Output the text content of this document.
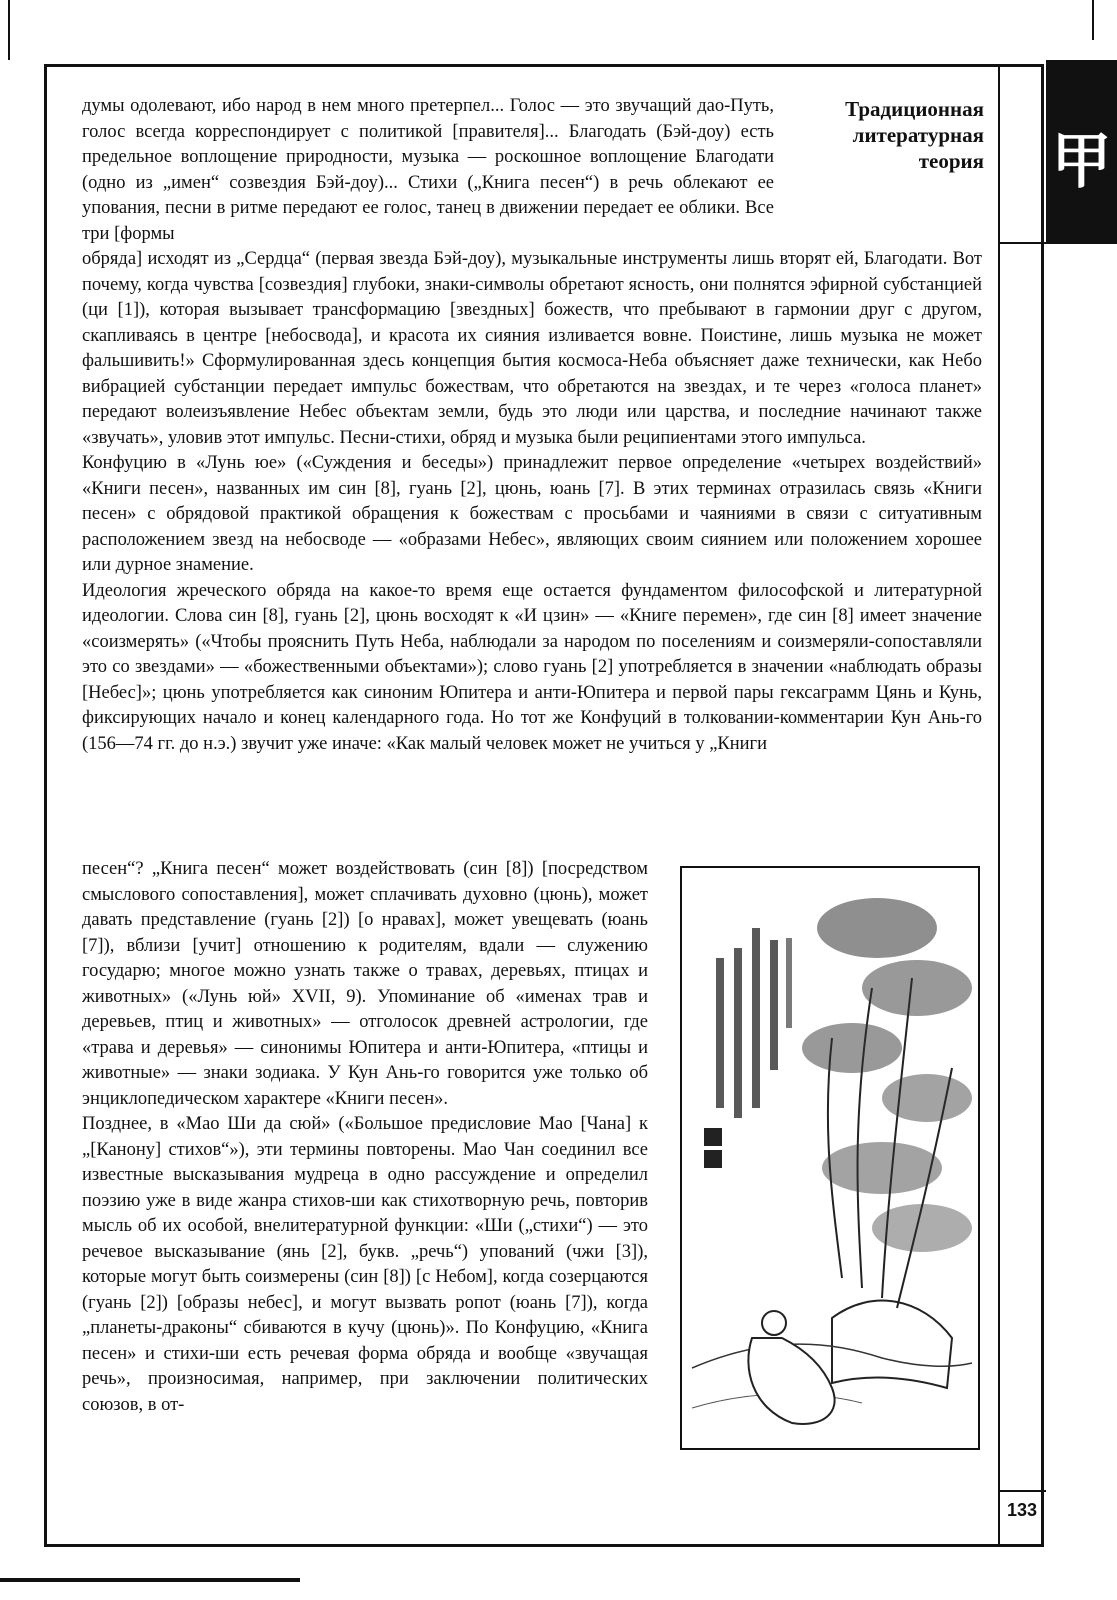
甲
Традиционная
литературная
теория

думы одолевают, ибо народ в нем много претерпел... Голос — это звучащий дао-Путь, голос всегда корреспондирует с политикой [правителя]... Благодать (Бэй-доу) есть предельное воплощение природности, музыка — роскошное воплощение Благодати (одно из „имен“ созвездия Бэй-доу)... Стихи („Книга песен“) в речь облекают ее упования, песни в ритме передают ее голос, танец в движении передает ее облики. Все три [формы

обряда] исходят из „Сердца“ (первая звезда Бэй-доу), музыкальные инструменты лишь вторят ей, Благодати. Вот почему, когда чувства [созвездия] глубоки, знаки-символы обретают ясность, они полнятся эфирной субстанцией (ци [1]), которая вызывает трансформацию [звездных] божеств, что пребывают в гармонии друг с другом, скапливаясь в центре [небосвода], и красота их сияния изливается вовне. Поистине, лишь музыка не может фальшивить!» Сформулированная здесь концепция бытия космоса-Неба объясняет даже технически, как Небо вибрацией субстанции передает импульс божествам, что обретаются на звездах, и те через «голоса планет» передают волеизъявление Небес объектам земли, будь это люди или царства, и последние начинают также «звучать», уловив этот импульс. Песни-стихи, обряд и музыка были реципиентами этого импульса.

Конфуцию в «Лунь юе» («Суждения и беседы») принадлежит первое определение «четырех воздействий» «Книги песен», названных им син [8], гуань [2], цюнь, юань [7]. В этих терминах отразилась связь «Книги песен» с обрядовой практикой обращения к божествам с просьбами и чаяниями в связи с ситуативным расположением звезд на небосводе — «образами Небес», являющих своим сиянием или положением хорошее или дурное знамение.

Идеология жреческого обряда на какое-то время еще остается фундаментом философской и литературной идеологии. Слова син [8], гуань [2], цюнь восходят к «И цзин» — «Книге перемен», где син [8] имеет значение «соизмерять» («Чтобы прояснить Путь Неба, наблюдали за народом по поселениям и соизмеряли-сопоставляли это со звездами» — «божественными объектами»); слово гуань [2] употребляется в значении «наблюдать образы [Небес]»; цюнь употребляется как синоним Юпитера и анти-Юпитера и первой пары гексаграмм Цянь и Кунь, фиксирующих начало и конец календарного года. Но тот же Конфуций в толковании-комментарии Кун Ань-го (156—74 гг. до н.э.) звучит уже иначе: «Как малый человек может не учиться у „Книги

песен“? „Книга песен“ может воздействовать (син [8]) [посредством смыслового сопоставления], может сплачивать духовно (цюнь), может давать представление (гуань [2]) [о нравах], может увещевать (юань [7]), вблизи [учит] отношению к родителям, вдали — служению государю; многое можно узнать также о травах, деревьях, птицах и животных» («Лунь юй» XVII, 9). Упоминание об «именах трав и деревьев, птиц и животных» — отголосок древней астрологии, где «трава и деревья» — синонимы Юпитера и анти-Юпитера, «птицы и животные» — знаки зодиака. У Кун Ань-го говорится уже только об энциклопедическом характере «Книги песен».

Позднее, в «Мао Ши да сюй» («Большое предисловие Мао [Чана] к „[Канону] стихов“»), эти термины повторены. Мао Чан соединил все известные высказывания мудреца в одно рассуждение и определил поэзию уже в виде жанра стихов-ши как стихотворную речь, повторив мысль об их особой, внелитературной функции: «Ши („стихи“) — это речевое высказывание (янь [2], букв. „речь“) упований (чжи [3]), которые могут быть соизмерены (син [8]) [с Небом], когда созерцаются (гуань [2]) [образы небес], и могут вызвать ропот (юань [7]), когда „планеты-драконы“ сбиваются в кучу (цюнь)». По Конфуцию, «Книга песен» и стихи-ши есть речевая форма обряда и вообще «звучащая речь», произносимая, например, при заключении политических союзов, в от-

133
